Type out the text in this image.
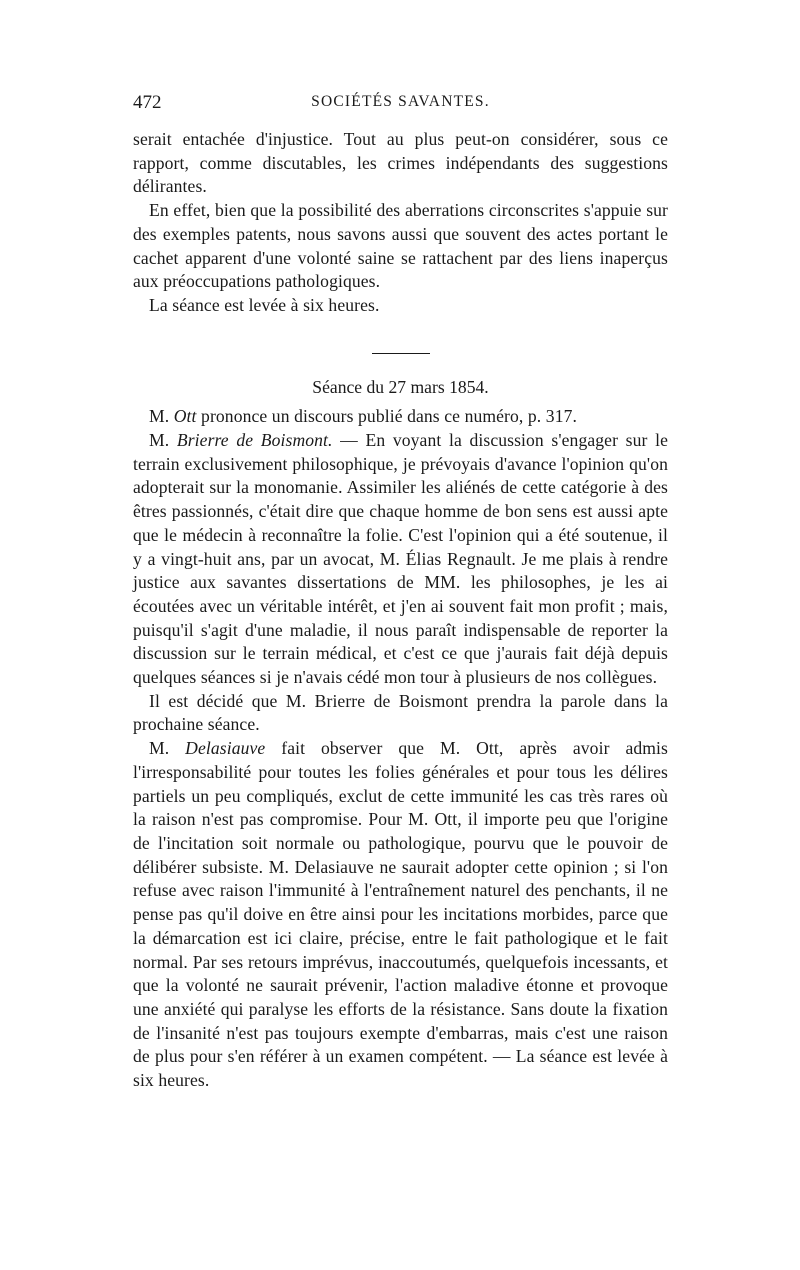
472	SOCIÉTÉS SAVANTES.

serait entachée d'injustice. Tout au plus peut-on considérer, sous ce rapport, comme discutables, les crimes indépendants des suggestions délirantes.

En effet, bien que la possibilité des aberrations circonscrites s'appuie sur des exemples patents, nous savons aussi que souvent des actes portant le cachet apparent d'une volonté saine se rattachent par des liens inaperçus aux préoccupations pathologiques.

La séance est levée à six heures.

Séance du 27 mars 1854.

M. Ott prononce un discours publié dans ce numéro, p. 317.

M. Brierre de Boismont. — En voyant la discussion s'engager sur le terrain exclusivement philosophique, je prévoyais d'avance l'opinion qu'on adopterait sur la monomanie. Assimiler les aliénés de cette catégorie à des êtres passionnés, c'était dire que chaque homme de bon sens est aussi apte que le médecin à reconnaître la folie. C'est l'opinion qui a été soutenue, il y a vingt-huit ans, par un avocat, M. Élias Regnault. Je me plais à rendre justice aux savantes dissertations de MM. les philosophes, je les ai écoutées avec un véritable intérêt, et j'en ai souvent fait mon profit ; mais, puisqu'il s'agit d'une maladie, il nous paraît indispensable de reporter la discussion sur le terrain médical, et c'est ce que j'aurais fait déjà depuis quelques séances si je n'avais cédé mon tour à plusieurs de nos collègues.

Il est décidé que M. Brierre de Boismont prendra la parole dans la prochaine séance.

M. Delasiauve fait observer que M. Ott, après avoir admis l'irresponsabilité pour toutes les folies générales et pour tous les délires partiels un peu compliqués, exclut de cette immunité les cas très rares où la raison n'est pas compromise. Pour M. Ott, il importe peu que l'origine de l'incitation soit normale ou pathologique, pourvu que le pouvoir de délibérer subsiste. M. Delasiauve ne saurait adopter cette opinion ; si l'on refuse avec raison l'immunité à l'entraînement naturel des penchants, il ne pense pas qu'il doive en être ainsi pour les incitations morbides, parce que la démarcation est ici claire, précise, entre le fait pathologique et le fait normal. Par ses retours imprévus, inaccoutumés, quelquefois incessants, et que la volonté ne saurait prévenir, l'action maladive étonne et provoque une anxiété qui paralyse les efforts de la résistance. Sans doute la fixation de l'insanité n'est pas toujours exempte d'embarras, mais c'est une raison de plus pour s'en référer à un examen compétent. — La séance est levée à six heures.
